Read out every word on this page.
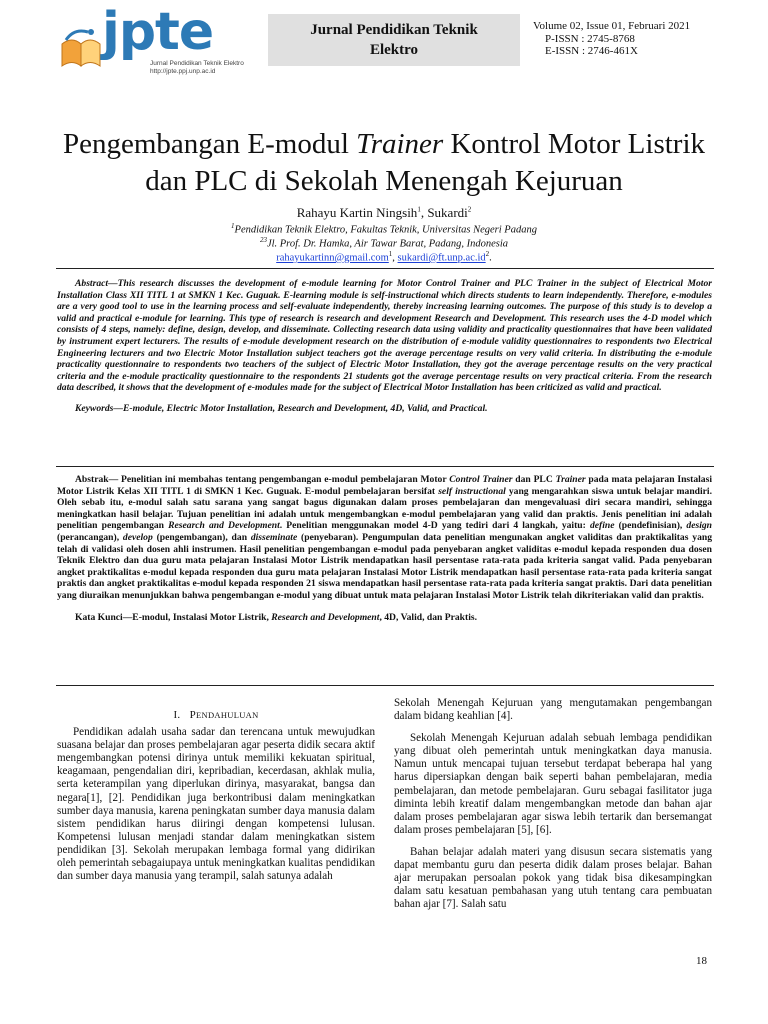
jpte
Jurnal Pendidikan Teknik Elektro
http://jpte.ppj.unp.ac.id
Jurnal Pendidikan Teknik
Elektro
Volume 02, Issue 01, Februari 2021
P-ISSN : 2745-8768
E-ISSN : 2746-461X
Pengembangan E-modul Trainer Kontrol Motor Listrik dan PLC di Sekolah Menengah Kejuruan
Rahayu Kartin Ningsih$^1$, Sukardi$^2$
$^1$Pendidikan Teknik Elektro, Fakultas Teknik, Universitas Negeri Padang
$^{23}$Jl. Prof. Dr. Hamka, Air Tawar Barat, Padang, Indonesia
rahayukartinn@gmail.com$^1$, $sukardi@ft.unp.ac.id^2$.

Abstract—This research discusses the development of e-module learning for Motor Control Trainer and PLC Trainer in the subject of Electrical Motor Installation Class XII TITL 1 at SMKN 1 Kec. Guguak. E-learning module is self-instructional which directs students to learn independently. Therefore, e-modules are a very good tool to use in the learning process and self-evaluate independently, thereby increasing learning outcomes. The purpose of this study is to develop a valid and practical e-module for learning. This type of research is research and development Research and Development. This research uses the 4-D model which consists of 4 steps, namely: define, design, develop, and disseminate. Collecting research data using validity and practicality questionnaires that have been validated by instrument expert lecturers. The results of e-module development research on the distribution of e-module validity questionnaires to respondents two Electrical Engineering lecturers and two Electric Motor Installation subject teachers got the average percentage results on very valid criteria. In distributing the e-module practicality questionnaire to respondents two teachers of the subject of Electric Motor Installation, they got the average percentage results on the very practical criteria and the e-module practicality questionnaire to the respondents 21 students got the average percentage results on very practical criteria. From the research data described, it shows that the development of e-modules made for the subject of Electrical Motor Installation has been criticized as valid and practical.

Keywords—E-module, Electric Motor Installation, Research and Development, 4D, Valid, and Practical.

Abstrak— Penelitian ini membahas tentang pengembangan e-modul pembelajaran Motor Control Trainer dan PLC Trainer pada mata pelajaran Instalasi Motor Listrik Kelas XII TITL 1 di SMKN 1 Kec. Guguak. E-modul pembelajaran bersifat self instructional yang mengarahkan siswa untuk belajar mandiri. Oleh sebab itu, e-modul salah satu sarana yang sangat bagus digunakan dalam proses pembelajaran dan mengevaluasi diri secara mandiri, sehingga meningkatkan hasil belajar. Tujuan penelitian ini adalah untuk mengembangkan e-modul pembelajaran yang valid dan praktis. Jenis penelitian ini adalah penelitian pengembangan Research and Development. Penelitian menggunakan model 4-D yang tediri dari 4 langkah, yaitu: define (pendefinisian), design (perancangan), develop (pengembangan), dan disseminate (penyebaran). Pengumpulan data penelitian mengunakan angket validitas dan praktikalitas yang telah di validasi oleh dosen ahli instrumen. Hasil penelitian pengembangan e-modul pada penyebaran angket validitas e-modul kepada responden dua dosen Teknik Elektro dan dua guru mata pelajaran Instalasi Motor Listrik mendapatkan hasil persentase rata-rata pada kriteria sangat valid. Pada penyebaran angket praktikalitas e-modul kepada responden dua guru mata pelajaran Instalasi Motor Listrik mendapatkan hasil persentase rata-rata pada kriteria sangat praktis dan angket praktikalitas e-modul kepada responden 21 siswa mendapatkan hasil persentase rata-rata pada kriteria sangat praktis. Dari data penelitian yang diuraikan menunjukkan bahwa pengembangan e-modul yang dibuat untuk mata pelajaran Instalasi Motor Listrik telah dikriteriakan valid dan praktis.

Kata Kunci—E-modul, Instalasi Motor Listrik, Research and Development, 4D, Valid, dan Praktis.

I. PENDAHULUAN

Pendidikan adalah usaha sadar dan terencana untuk mewujudkan suasana belajar dan proses pembelajaran agar peserta didik secara aktif mengembangkan potensi dirinya untuk memiliki kekuatan spiritual, keagamaan, pengendalian diri, kepribadian, kecerdasan, akhlak mulia, serta keterampilan yang diperlukan dirinya, masyarakat, bangsa dan negara[1], [2]. Pendidikan juga berkontribusi dalam meningkatkan sumber daya manusia, karena peningkatan sumber daya manusia dalam sistem pendidikan harus diiringi dengan kompetensi lulusan. Kompetensi lulusan menjadi standar dalam meningkatkan sistem pendidikan [3]. Sekolah merupakan lembaga formal yang didirikan oleh pemerintah sebagaiupaya untuk meningkatkan kualitas pendidikan dan sumber daya manusia yang terampil, salah satunya adalah

Sekolah Menengah Kejuruan yang mengutamakan pengembangan dalam bidang keahlian [4].

Sekolah Menengah Kejuruan adalah sebuah lembaga pendidikan yang dibuat oleh pemerintah untuk meningkatkan daya manusia. Namun untuk mencapai tujuan tersebut terdapat beberapa hal yang harus dipersiapkan dengan baik seperti bahan pembelajaran, media pembelajaran, dan metode pembelajaran. Guru sebagai fasilitator juga diminta lebih kreatif dalam mengembangkan metode dan bahan ajar dalam proses pembelajaran agar siswa lebih tertarik dan bersemangat dalam proses pembelajaran [5], [6].

Bahan belajar adalah materi yang disusun secara sistematis yang dapat membantu guru dan peserta didik dalam proses belajar. Bahan ajar merupakan persoalan pokok yang tidak bisa dikesampingkan dalam satu kesatuan pembahasan yang utuh tentang cara pembuatan bahan ajar [7]. Salah satu

18
